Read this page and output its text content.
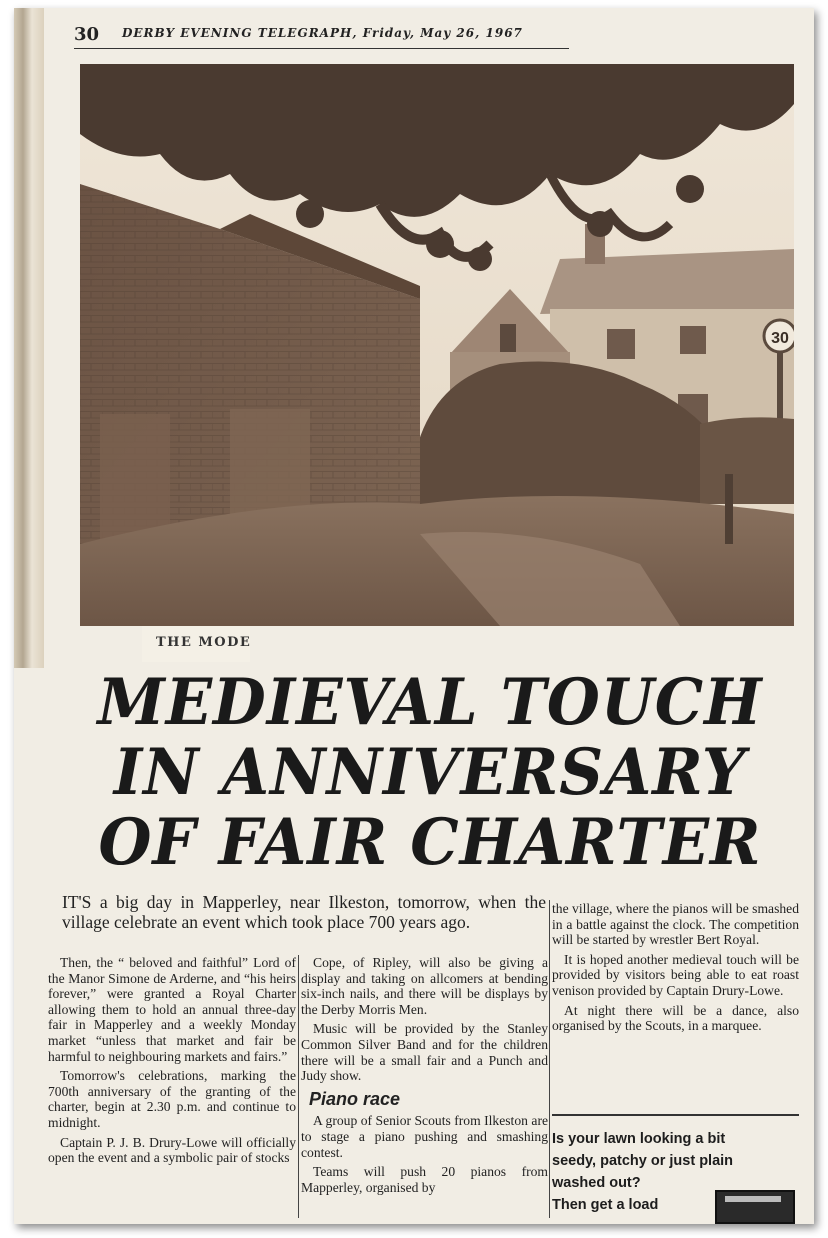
30 DERBY EVENING TELEGRAPH, Friday, May 26, 1967
30
THE MODE
MEDIEVAL TOUCH
IN ANNIVERSARY
OF FAIR CHARTER
IT'S a big day in Mapperley, near Ilkeston, tomorrow, when the village celebrate an event which took place 700 years ago.

Then, the “ beloved and faithful” Lord of the Manor Simone de Arderne, and “his heirs forever,” were granted a Royal Charter allowing them to hold an annual three-day fair in Mapperley and a weekly Monday market “unless that market and fair be harmful to neighbouring markets and fairs.”

Tomorrow's celebrations, marking the 700th anniversary of the granting of the charter, begin at 2.30 p.m. and continue to midnight.

Captain P. J. B. Drury-Lowe will officially open the event and a symbolic pair of stocks

Cope, of Ripley, will also be giving a display and taking on allcomers at bending six-inch nails, and there will be displays by the Derby Morris Men.

Music will be provided by the Stanley Common Silver Band and for the children there will be a small fair and a Punch and Judy show.

Piano race

A group of Senior Scouts from Ilkeston are to stage a piano pushing and smashing contest.

Teams will push 20 pianos from Mapperley, organised by

the village, where the pianos will be smashed in a battle against the clock. The competition will be started by wrestler Bert Royal.

It is hoped another medieval touch will be provided by visitors being able to eat roast venison provided by Captain Drury-Lowe.

At night there will be a dance, also organised by the Scouts, in a marquee.

Is your lawn looking a bit
seedy, patchy or just plain
washed out?
Then get a load
